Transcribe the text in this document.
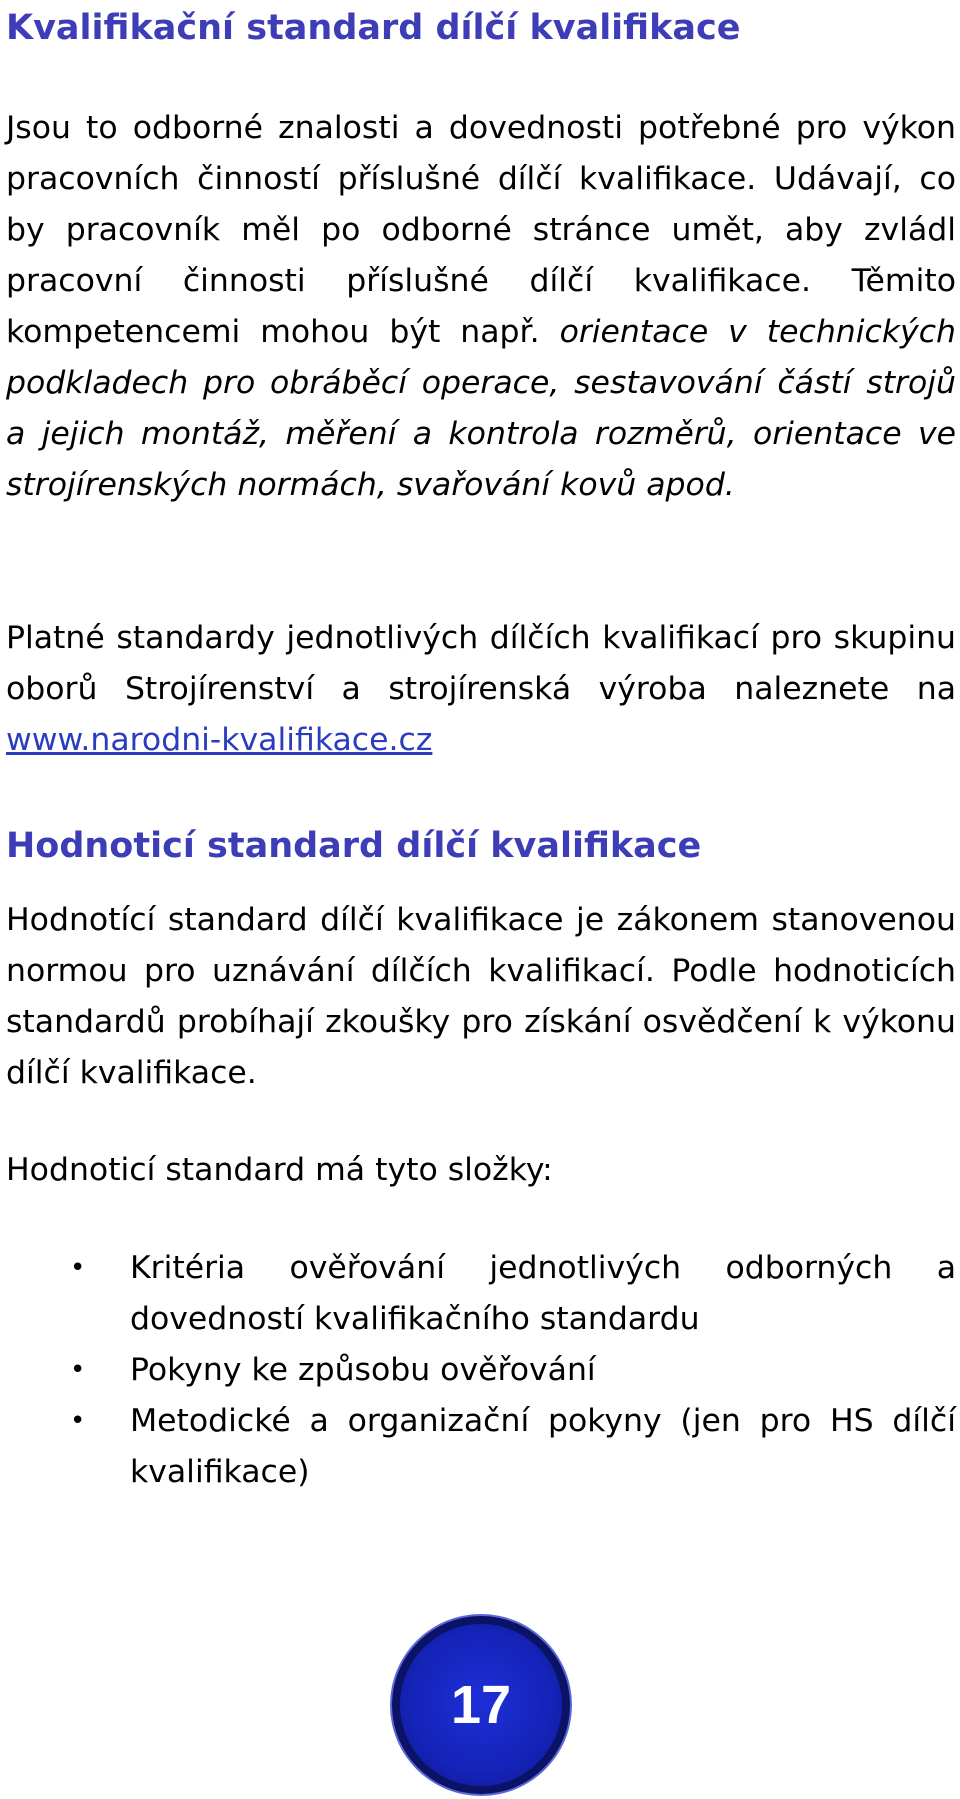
Kvalifikační standard dílčí kvalifikace

Jsou to odborné znalosti a dovednosti potřebné pro výkon pracovních činností příslušné dílčí kvalifikace. Udávají, co by pracovník měl po odborné stránce umět, aby zvládl pracovní činnosti příslušné dílčí kvalifikace. Těmito kompetencemi mohou být např. orientace v technických podkladech pro obráběcí operace, sestavování částí strojů a jejich montáž, měření a kontrola rozměrů, orientace ve strojírenských normách, svařování kovů apod.

Platné standardy jednotlivých dílčích kvalifikací pro skupinu oborů Strojírenství a strojírenská výroba naleznete na www.narodni-kvalifikace.cz

Hodnoticí standard dílčí kvalifikace

Hodnotící standard dílčí kvalifikace je zákonem stanovenou normou pro uznávání dílčích kvalifikací. Podle hodnoticích standardů probíhají zkoušky pro získání osvědčení k výkonu dílčí kvalifikace.

Hodnoticí standard má tyto složky:

• Kritéria ověřování jednotlivých odborných a dovedností kvalifikačního standardu
• Pokyny ke způsobu ověřování
• Metodické a organizační pokyny (jen pro HS dílčí kvalifikace)
17
